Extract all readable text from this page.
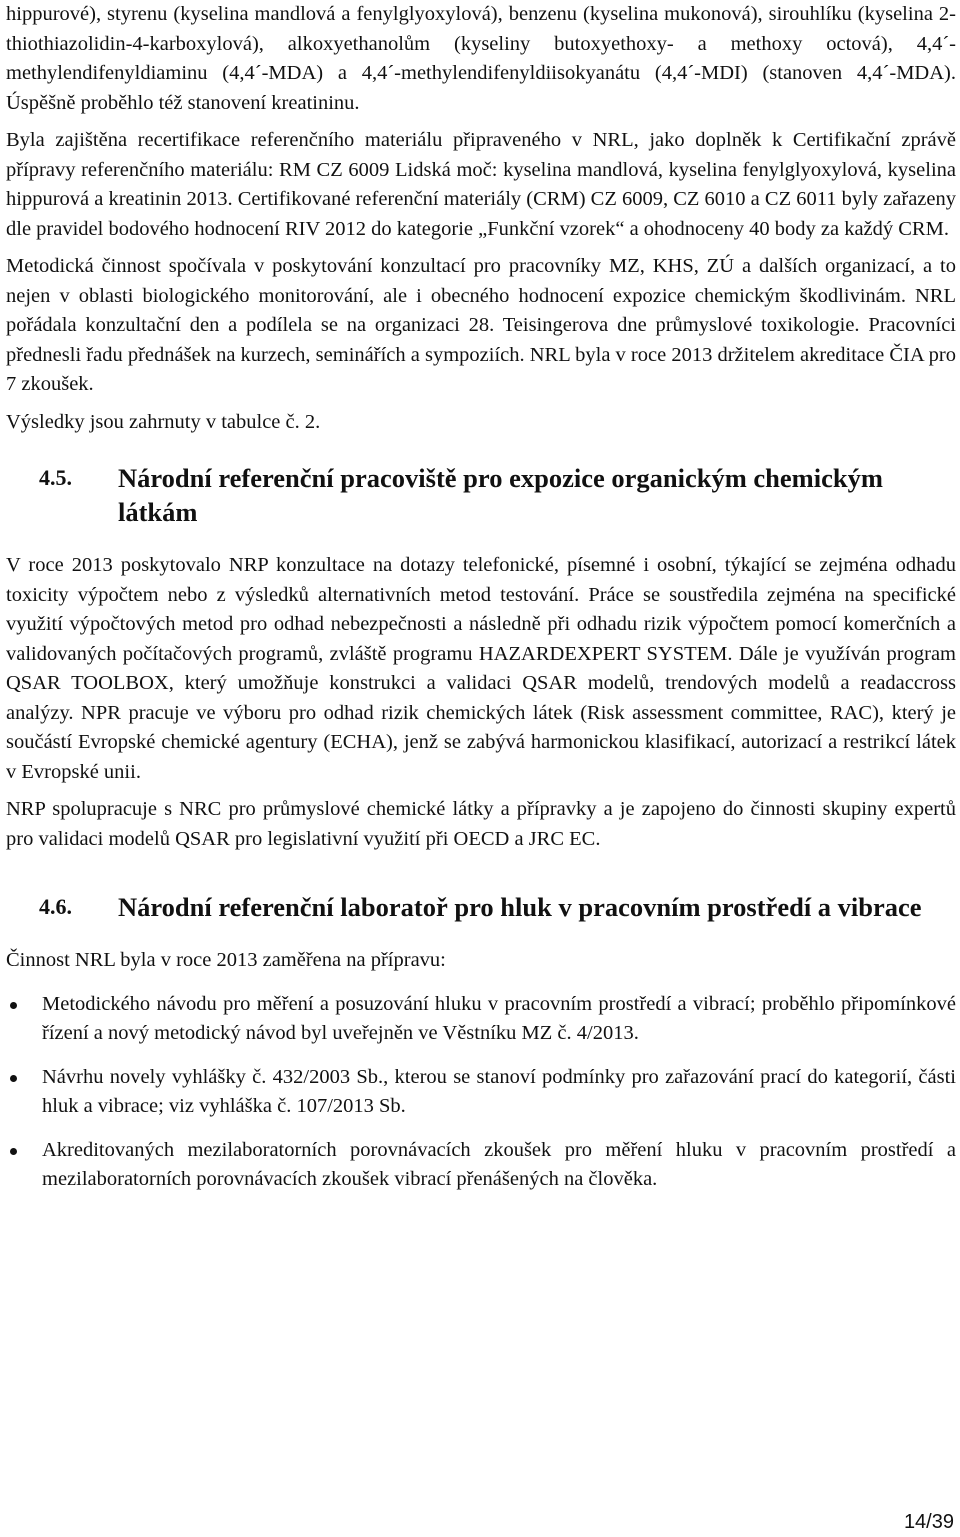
hippurové), styrenu (kyselina mandlová a fenylglyoxylová), benzenu (kyselina mukonová), sirouhlíku (kyselina 2-thiothiazolidin-4-karboxylová), alkoxyethanolům (kyseliny butoxyethoxy- a methoxy octová), 4,4´-methylendifenyldiaminu (4,4´-MDA) a 4,4´-methylendifenyldiisokyanátu (4,4´-MDI) (stanoven 4,4´-MDA). Úspěšně proběhlo též stanovení kreatininu.

Byla zajištěna recertifikace referenčního materiálu připraveného v NRL, jako doplněk k Certifikační zprávě přípravy referenčního materiálu: RM CZ 6009 Lidská moč: kyselina mandlová, kyselina fenylglyoxylová, kyselina hippurová a kreatinin 2013. Certifikované referenční materiály (CRM) CZ 6009, CZ 6010 a CZ 6011 byly zařazeny dle pravidel bodového hodnocení RIV 2012 do kategorie „Funkční vzorek“ a ohodnoceny 40 body za každý CRM.

Metodická činnost spočívala v poskytování konzultací pro pracovníky MZ, KHS, ZÚ a dalších organizací, a to nejen v oblasti biologického monitorování, ale i obecného hodnocení expozice chemickým škodlivinám. NRL pořádala konzultační den a podílela se na organizaci 28. Teisingerova dne průmyslové toxikologie. Pracovníci přednesli řadu přednášek na kurzech, seminářích a sympoziích. NRL byla v roce 2013 držitelem akreditace ČIA pro 7 zkoušek.

Výsledky jsou zahrnuty v tabulce č. 2.

4.5.	Národní referenční pracoviště pro expozice organickým chemickým látkám

V roce 2013 poskytovalo NRP konzultace na dotazy telefonické, písemné i osobní, týkající se zejména odhadu toxicity výpočtem nebo z výsledků alternativních metod testování. Práce se soustředila zejména na specifické využití výpočtových metod pro odhad nebezpečnosti a následně při odhadu rizik výpočtem pomocí komerčních a validovaných počítačových programů, zvláště programu HAZARDEXPERT SYSTEM. Dále je využíván program QSAR TOOLBOX, který umožňuje konstrukci a validaci QSAR modelů, trendových modelů a readaccross analýzy. NPR pracuje ve výboru pro odhad rizik chemických látek (Risk assessment committee, RAC), který je součástí Evropské chemické agentury (ECHA), jenž se zabývá harmonickou klasifikací, autorizací a restrikcí látek v Evropské unii.

NRP spolupracuje s NRC pro průmyslové chemické látky a přípravky a je zapojeno do činnosti skupiny expertů pro validaci modelů QSAR pro legislativní využití při OECD a JRC EC.

4.6.	Národní referenční laboratoř pro hluk v pracovním prostředí a vibrace

Činnost NRL byla v roce 2013 zaměřena na přípravu:

Metodického návodu pro měření a posuzování hluku v pracovním prostředí a vibrací; proběhlo připomínkové řízení a nový metodický návod byl uveřejněn ve Věstníku MZ č. 4/2013.
Návrhu novely vyhlášky č. 432/2003 Sb., kterou se stanoví podmínky pro zařazování prací do kategorií, části hluk a vibrace; viz vyhláška č. 107/2013 Sb.
Akreditovaných mezilaboratorních porovnávacích zkoušek pro měření hluku v pracovním prostředí a mezilaboratorních porovnávacích zkoušek vibrací přenášených na člověka.
14/39
